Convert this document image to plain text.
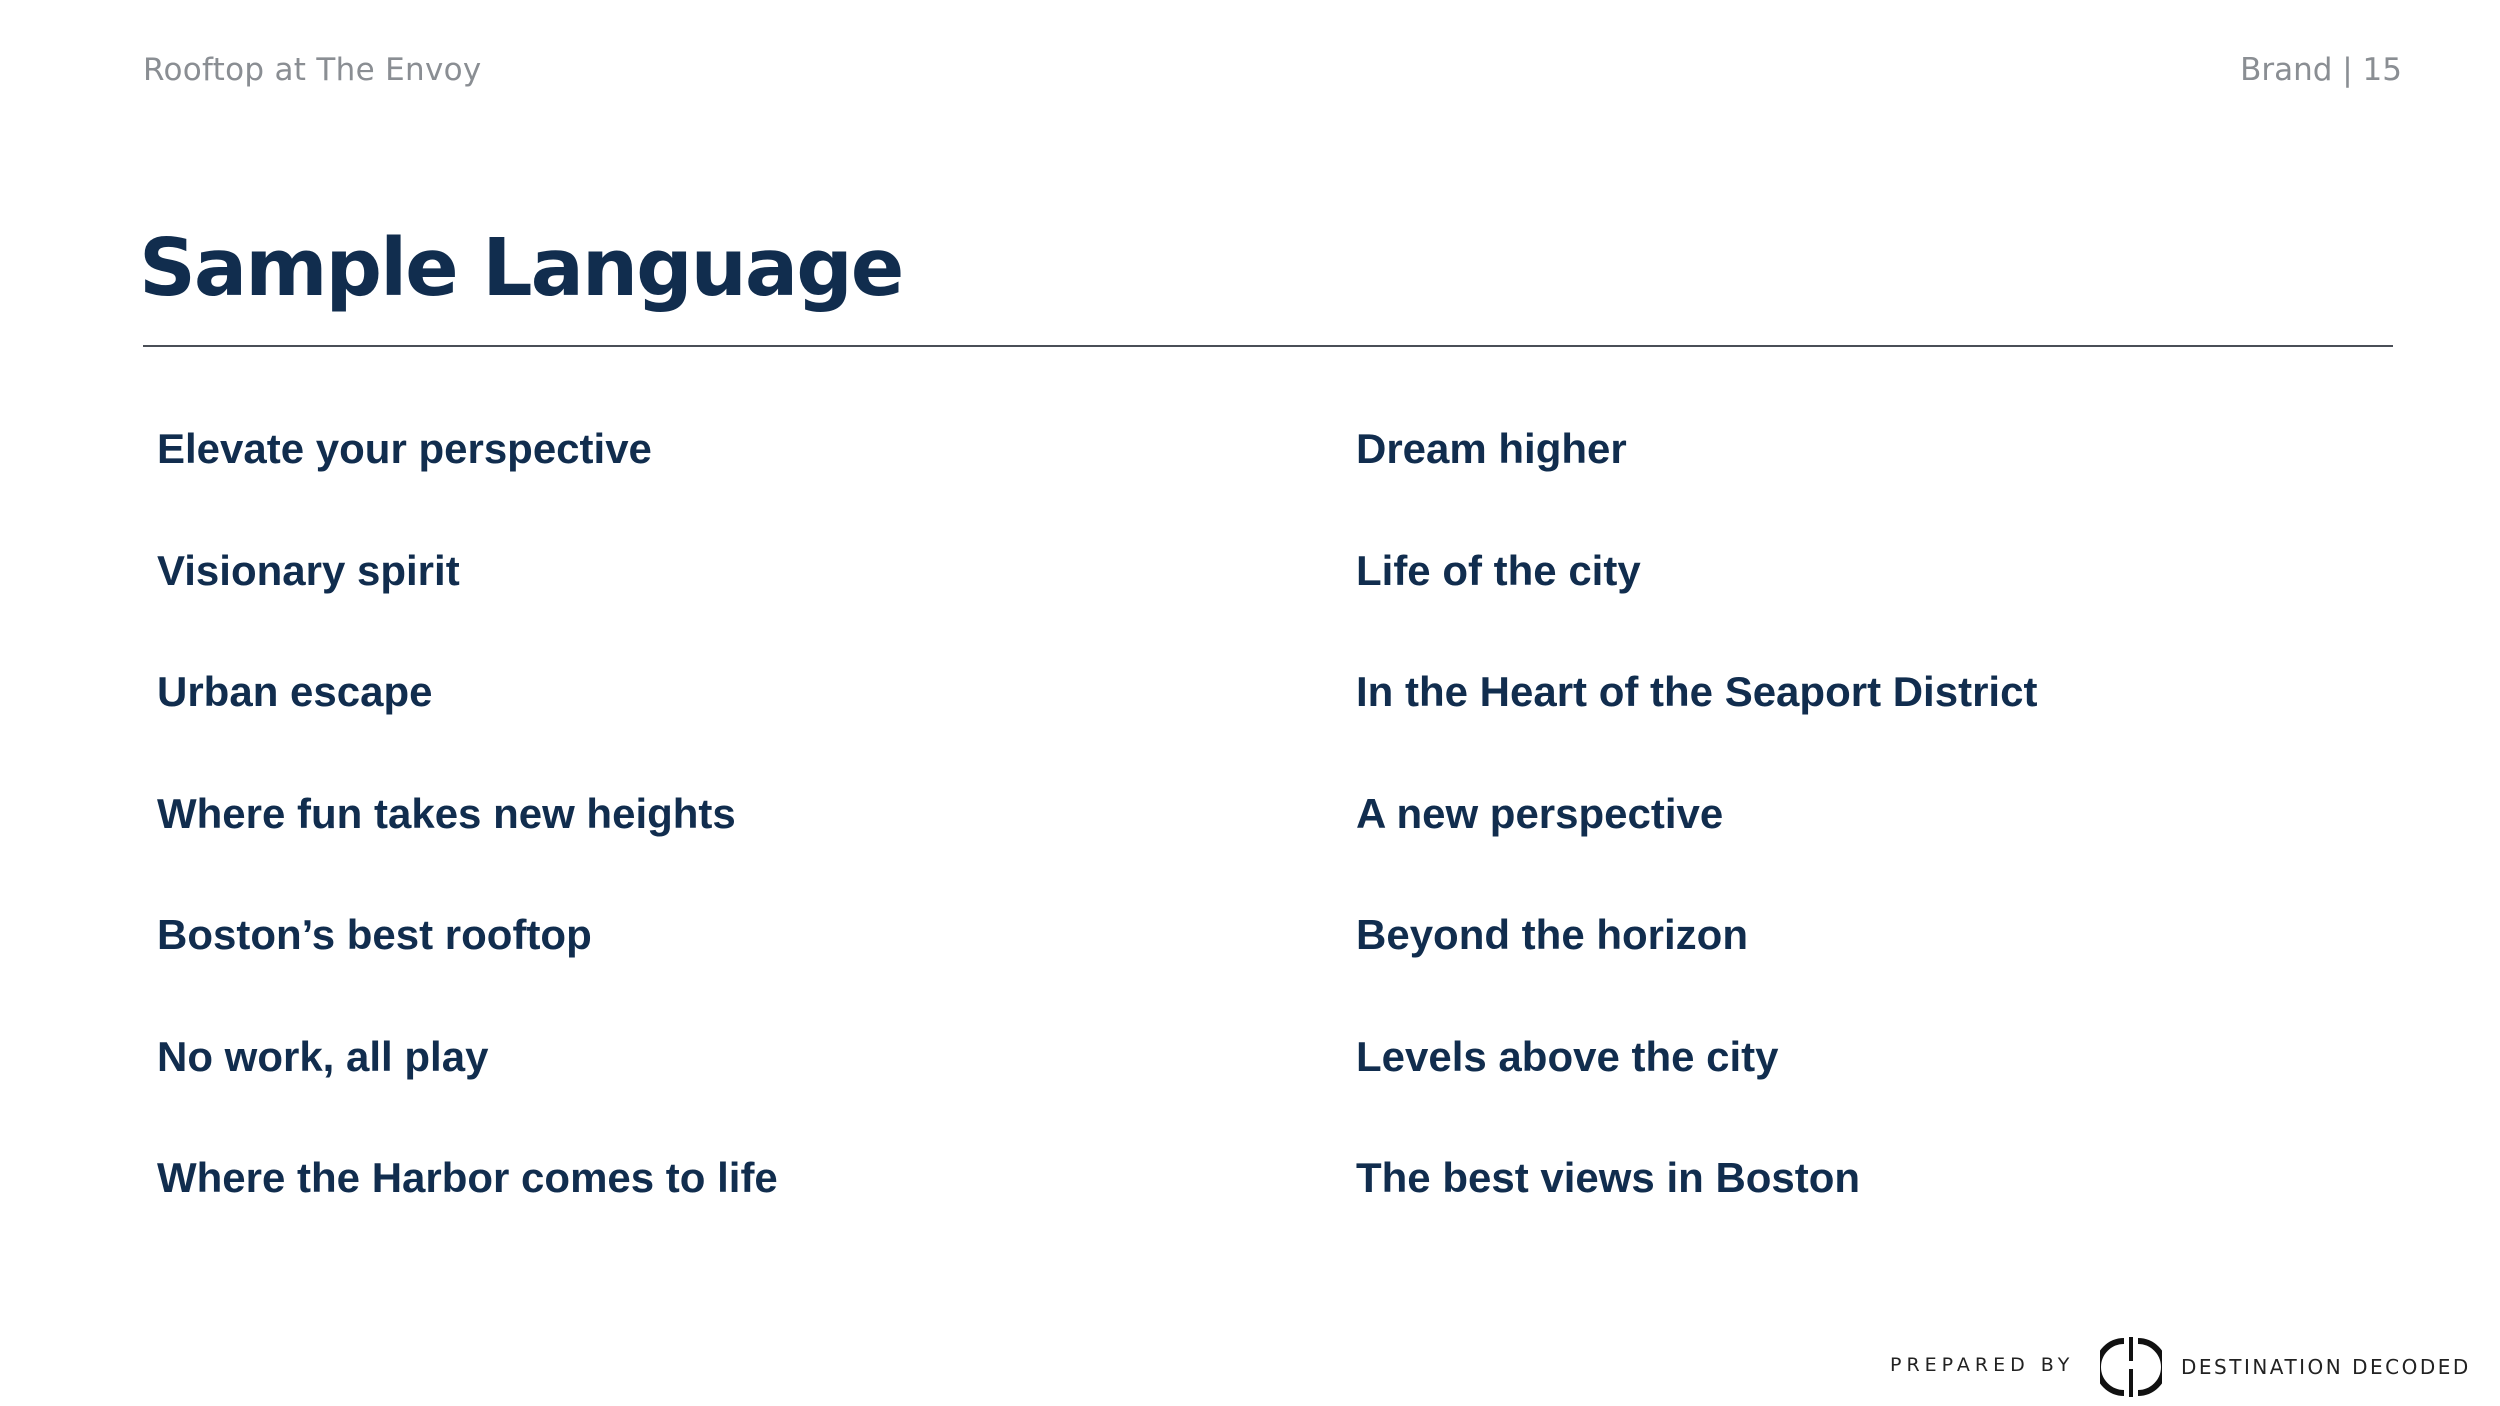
Rooftop at The Envoy	Brand | 15
Sample Language
Elevate your perspective
Visionary spirit
Urban escape
Where fun takes new heights
Boston’s best rooftop
No work, all play
Where the Harbor comes to life
Dream higher
Life of the city
In the Heart of the Seaport District
A new perspective
Beyond the horizon
Levels above the city
The best views in Boston
PREPARED BY	DESTINATION DECODED
